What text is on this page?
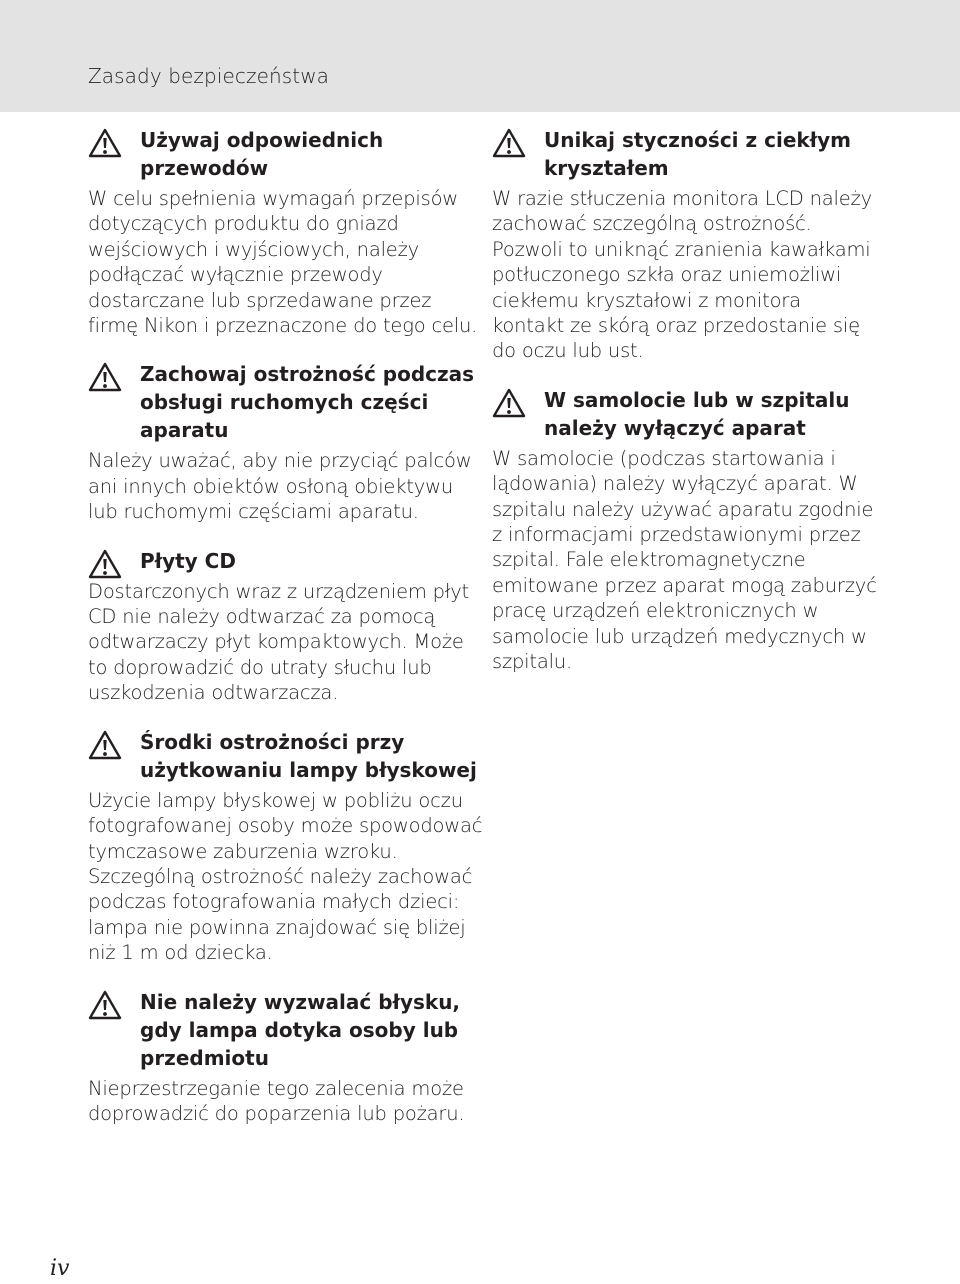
Zasady bezpieczeństwa
Używaj odpowiednich przewodów

W celu spełnienia wymagań przepisów dotyczących produktu do gniazd wejściowych i wyjściowych, należy podłączać wyłącznie przewody dostarczane lub sprzedawane przez firmę Nikon i przeznaczone do tego celu.

Zachowaj ostrożność podczas obsługi ruchomych części aparatu

Należy uważać, aby nie przyciąć palców ani innych obiektów osłoną obiektywu lub ruchomymi częściami aparatu.

Płyty CD

Dostarczonych wraz z urządzeniem płyt CD nie należy odtwarzać za pomocą odtwarzaczy płyt kompaktowych. Może to doprowadzić do utraty słuchu lub uszkodzenia odtwarzacza.

Środki ostrożności przy użytkowaniu lampy błyskowej

Użycie lampy błyskowej w pobliżu oczu fotografowanej osoby może spowodować tymczasowe zaburzenia wzroku. Szczególną ostrożność należy zachować podczas fotografowania małych dzieci: lampa nie powinna znajdować się bliżej niż 1 m od dziecka.

Nie należy wyzwalać błysku, gdy lampa dotyka osoby lub przedmiotu

Nieprzestrzeganie tego zalecenia może doprowadzić do poparzenia lub pożaru.

Unikaj styczności z ciekłym kryształem

W razie stłuczenia monitora LCD należy zachować szczególną ostrożność. Pozwoli to uniknąć zranienia kawałkami potłuczonego szkła oraz uniemożliwi ciekłemu kryształowi z monitora kontakt ze skórą oraz przedostanie się do oczu lub ust.

W samolocie lub w szpitalu należy wyłączyć aparat

W samolocie (podczas startowania i lądowania) należy wyłączyć aparat. W szpitalu należy używać aparatu zgodnie z informacjami przedstawionymi przez szpital. Fale elektromagnetyczne emitowane przez aparat mogą zaburzyć pracę urządzeń elektronicznych w samolocie lub urządzeń medycznych w szpitalu.

iv
